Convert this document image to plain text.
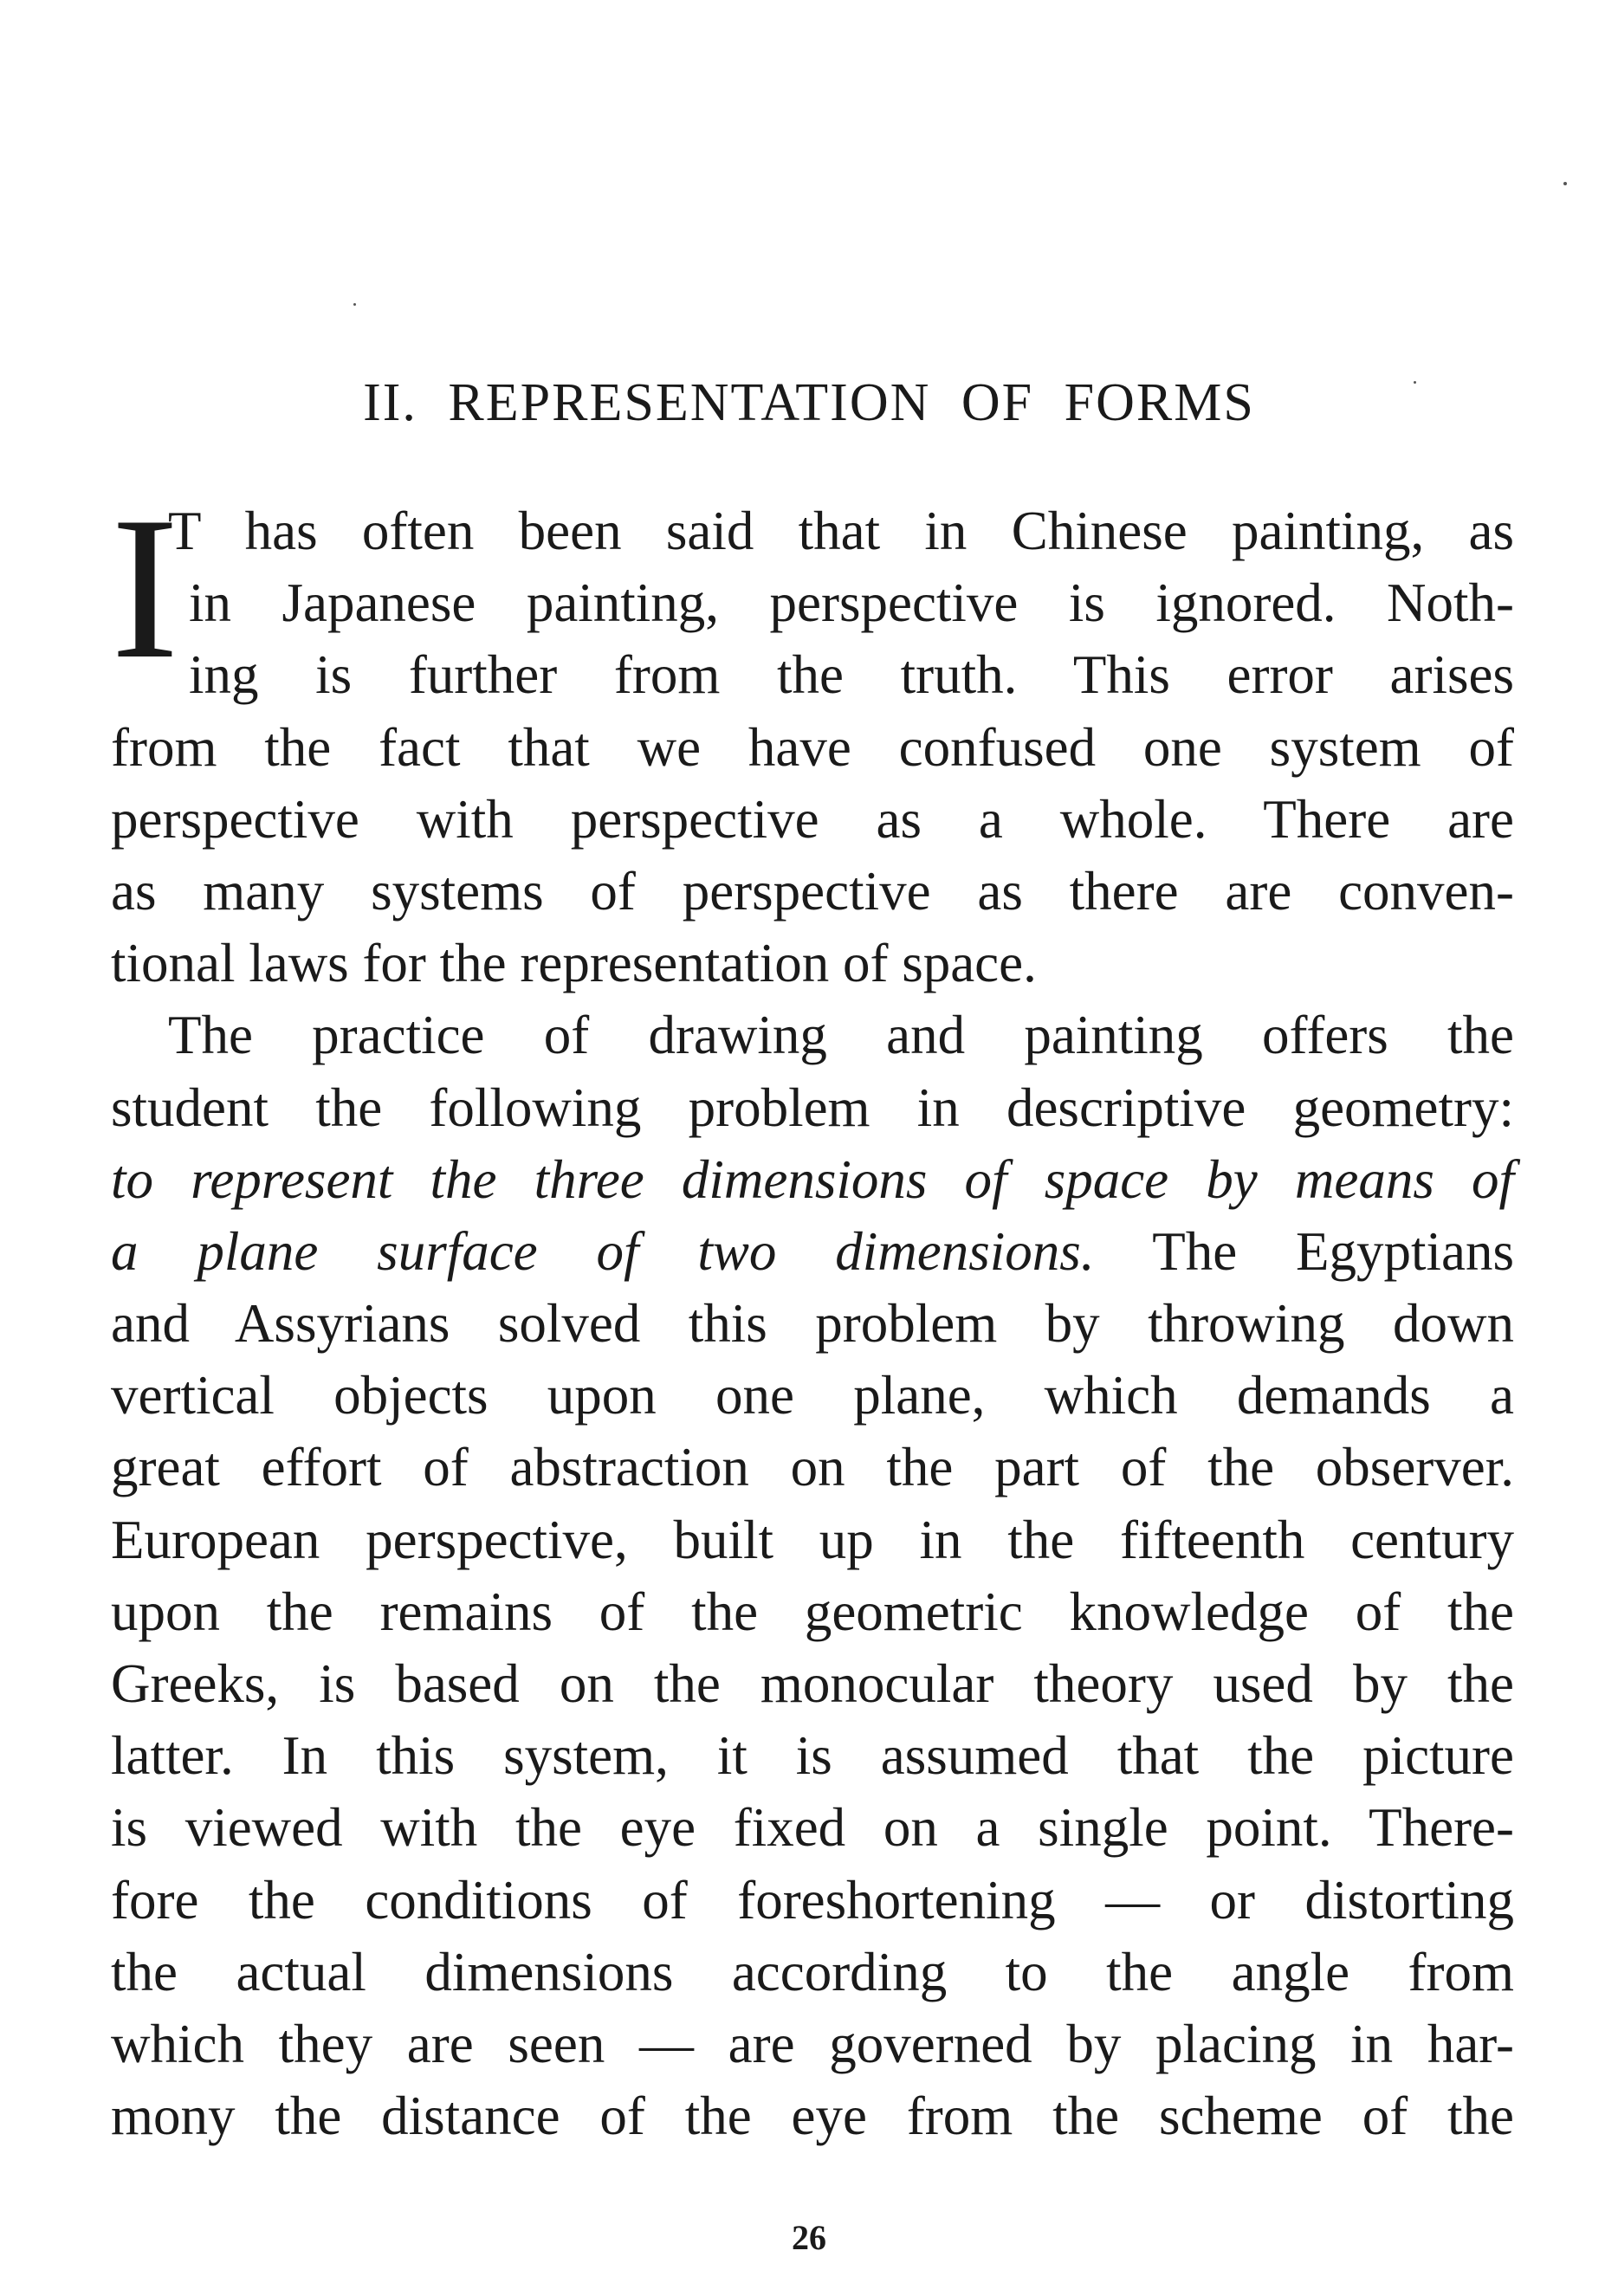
II. REPRESENTATION OF FORMS
I
T has often been said that in Chinese painting, as
in Japanese painting, perspective is ignored. Noth-
ing is further from the truth. This error arises
from the fact that we have confused one system of
perspective with perspective as a whole. There are
as many systems of perspective as there are conven-
tional laws for the representation of space.
The practice of drawing and painting offers the
student the following problem in descriptive geometry:
to represent the three dimensions of space by means of
a plane surface of two dimensions. The Egyptians
and Assyrians solved this problem by throwing down
vertical objects upon one plane, which demands a
great effort of abstraction on the part of the observer.
European perspective, built up in the fifteenth century
upon the remains of the geometric knowledge of the
Greeks, is based on the monocular theory used by the
latter. In this system, it is assumed that the picture
is viewed with the eye fixed on a single point. There-
fore the conditions of foreshortening — or distorting
the actual dimensions according to the angle from
which they are seen — are governed by placing in har-
mony the distance of the eye from the scheme of the
26
